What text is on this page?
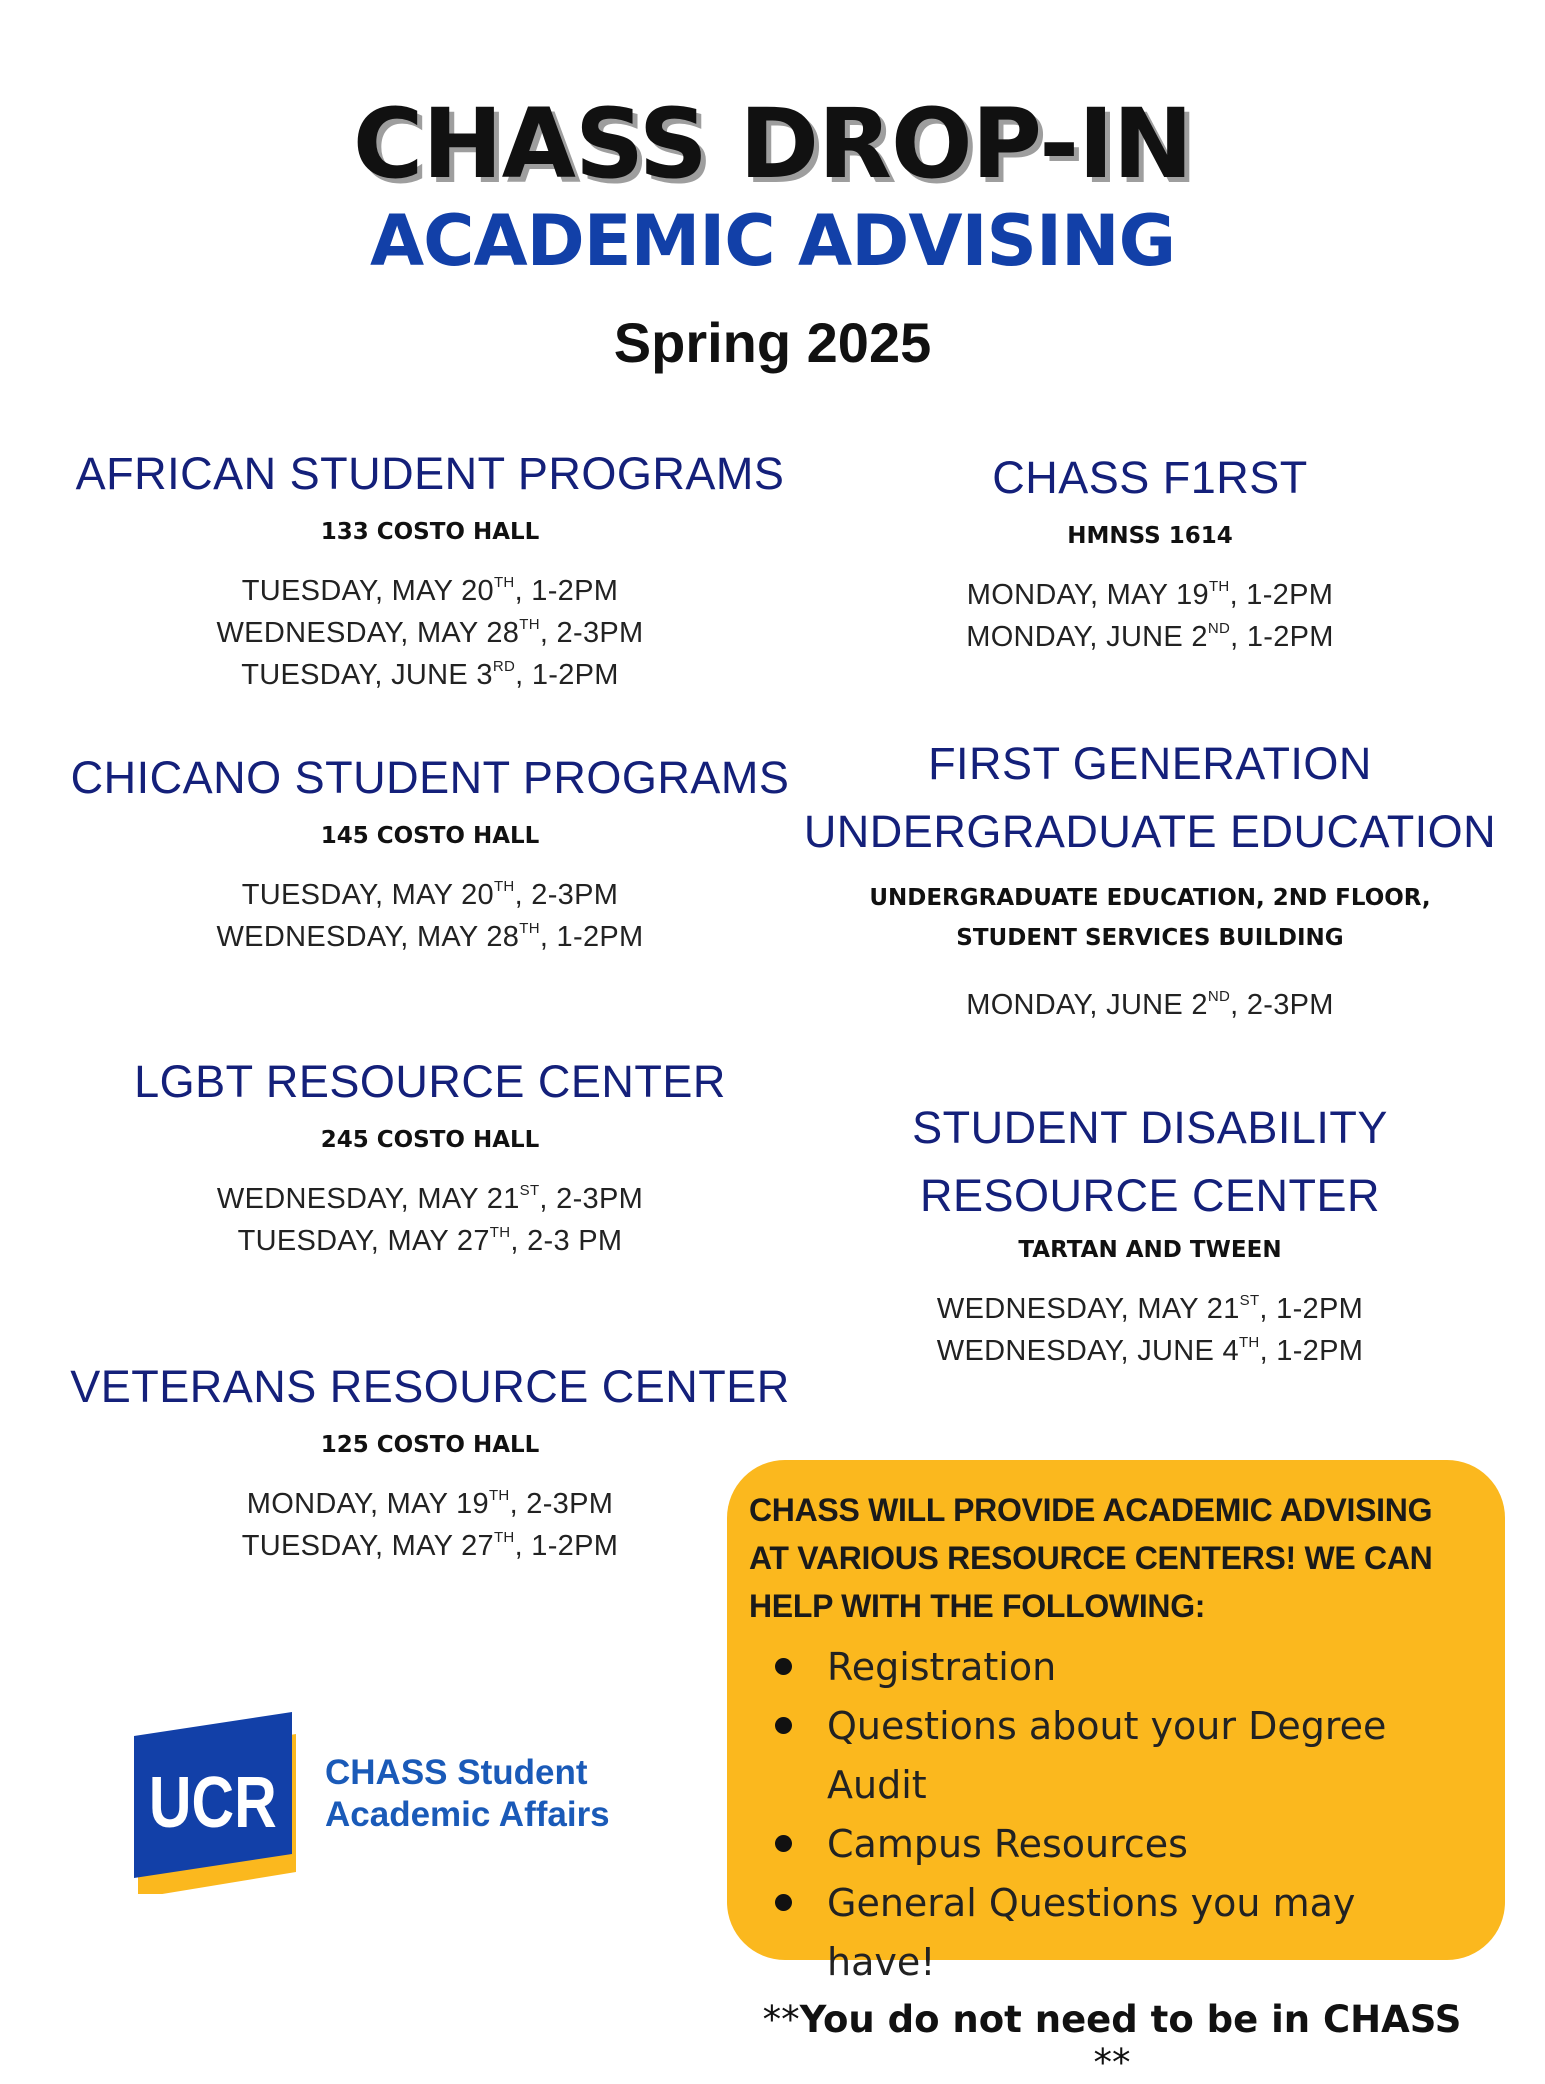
CHASS DROP-IN
ACADEMIC ADVISING
Spring 2025
AFRICAN STUDENT PROGRAMS
133 COSTO HALL
TUESDAY, MAY 20TH, 1-2PM
WEDNESDAY, MAY 28TH, 2-3PM
TUESDAY, JUNE 3RD, 1-2PM
CHICANO STUDENT PROGRAMS
145 COSTO HALL
TUESDAY, MAY 20TH, 2-3PM
WEDNESDAY, MAY 28TH, 1-2PM
LGBT RESOURCE CENTER
245 COSTO HALL
WEDNESDAY, MAY 21ST, 2-3PM
TUESDAY, MAY 27TH, 2-3 PM
VETERANS RESOURCE CENTER
125 COSTO HALL
MONDAY, MAY 19TH, 2-3PM
TUESDAY, MAY 27TH, 1-2PM
CHASS F1RST
HMNSS 1614
MONDAY, MAY 19TH, 1-2PM
MONDAY, JUNE 2ND, 1-2PM
FIRST GENERATION
UNDERGRADUATE EDUCATION
UNDERGRADUATE EDUCATION, 2ND FLOOR,
STUDENT SERVICES BUILDING
MONDAY, JUNE 2ND, 2-3PM
STUDENT DISABILITY
RESOURCE CENTER
TARTAN AND TWEEN
WEDNESDAY, MAY 21ST, 1-2PM
WEDNESDAY, JUNE 4TH, 1-2PM
CHASS WILL PROVIDE ACADEMIC ADVISING
AT VARIOUS RESOURCE CENTERS! WE CAN
HELP WITH THE FOLLOWING:
Registration
Questions about your Degree Audit
Campus Resources
General Questions you may have!
**You do not need to be in CHASS **
UCR CHASS Student
Academic Affairs
